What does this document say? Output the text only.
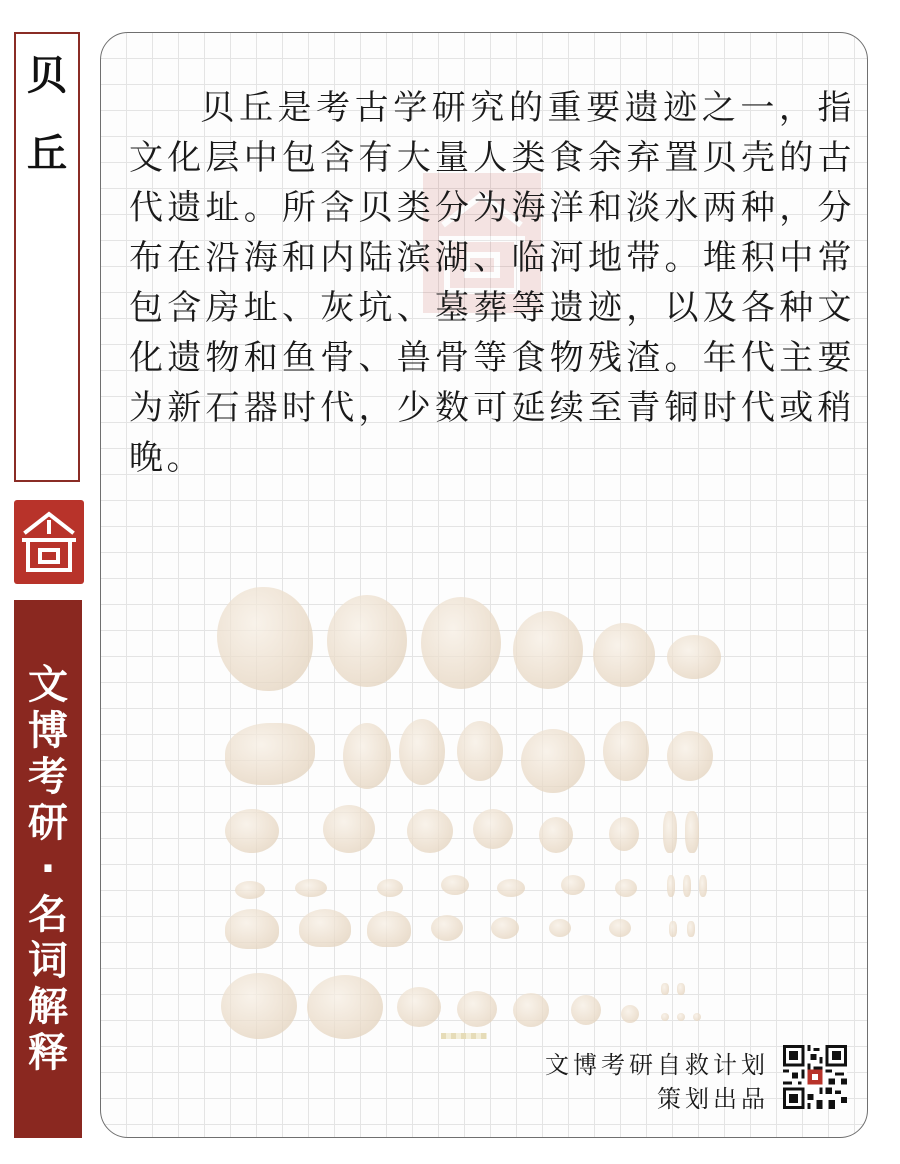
贝
丘
文
博
考
研
·
名
词
解
释

贝丘是考古学研究的重要遗迹之一，指文化层中包含有大量人类食余弃置贝壳的古代遗址。所含贝类分为海洋和淡水两种，分布在沿海和内陆滨湖、临河地带。堆积中常包含房址、灰坑、墓葬等遗迹，以及各种文化遗物和鱼骨、兽骨等食物残渣。年代主要为新石器时代，少数可延续至青铜时代或稍晚。

文博考研自救计划
策划出品
